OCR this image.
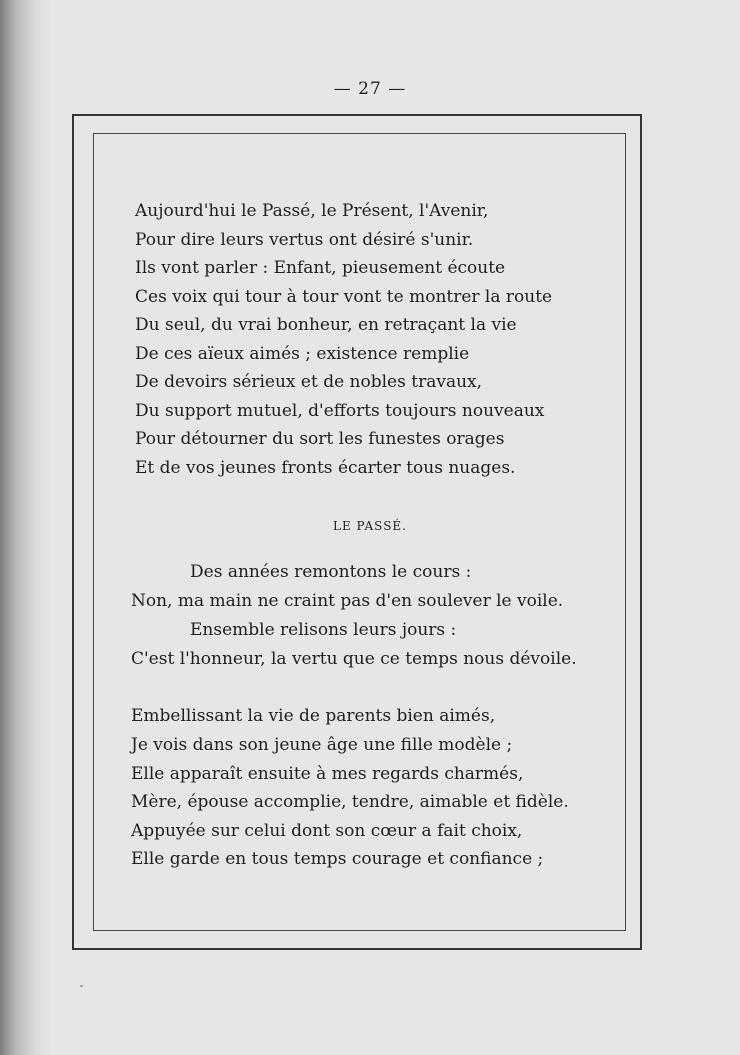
— 27 —
Aujourd'hui le Passé, le Présent, l'Avenir,
Pour dire leurs vertus ont désiré s'unir.
Ils vont parler : Enfant, pieusement écoute
Ces voix qui tour à tour vont te montrer la route
Du seul, du vrai bonheur, en retraçant la vie
De ces aïeux aimés ; existence remplie
De devoirs sérieux et de nobles travaux,
Du support mutuel, d'efforts toujours nouveaux
Pour détourner du sort les funestes orages
Et de vos jeunes fronts écarter tous nuages.
LE PASSÉ.
Des années remontons le cours :
Non, ma main ne craint pas d'en soulever le voile.
Ensemble relisons leurs jours :
C'est l'honneur, la vertu que ce temps nous dévoile.
Embellissant la vie de parents bien aimés,
Je vois dans son jeune âge une fille modèle ;
Elle apparaît ensuite à mes regards charmés,
Mère, épouse accomplie, tendre, aimable et fidèle.
Appuyée sur celui dont son cœur a fait choix,
Elle garde en tous temps courage et confiance ;
